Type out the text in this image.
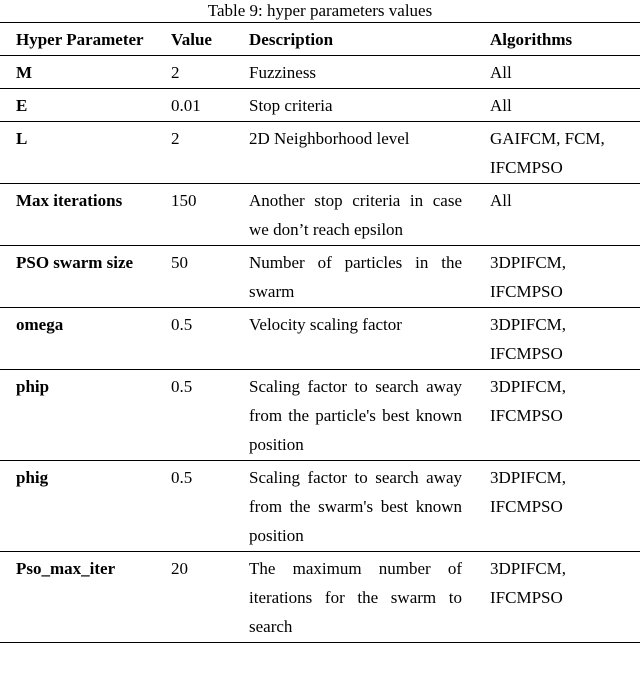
Table 9: hyper parameters values
Hyper Parameter	Value	Description	Algorithms
M	2	Fuzziness	All
E	0.01	Stop criteria	All
L	2	2D Neighborhood level	GAIFCM, FCM, IFCMPSO
Max iterations	150	Another stop criteria in case we don’t reach epsilon	All
PSO swarm size	50	Number of particles in the swarm	3DPIFCM, IFCMPSO
omega	0.5	Velocity scaling factor	3DPIFCM, IFCMPSO
phip	0.5	Scaling factor to search away from the particle's best known position	3DPIFCM, IFCMPSO
phig	0.5	Scaling factor to search away from the swarm's best known position	3DPIFCM, IFCMPSO
Pso_max_iter	20	The maximum number of iterations for the swarm to search	3DPIFCM, IFCMPSO
